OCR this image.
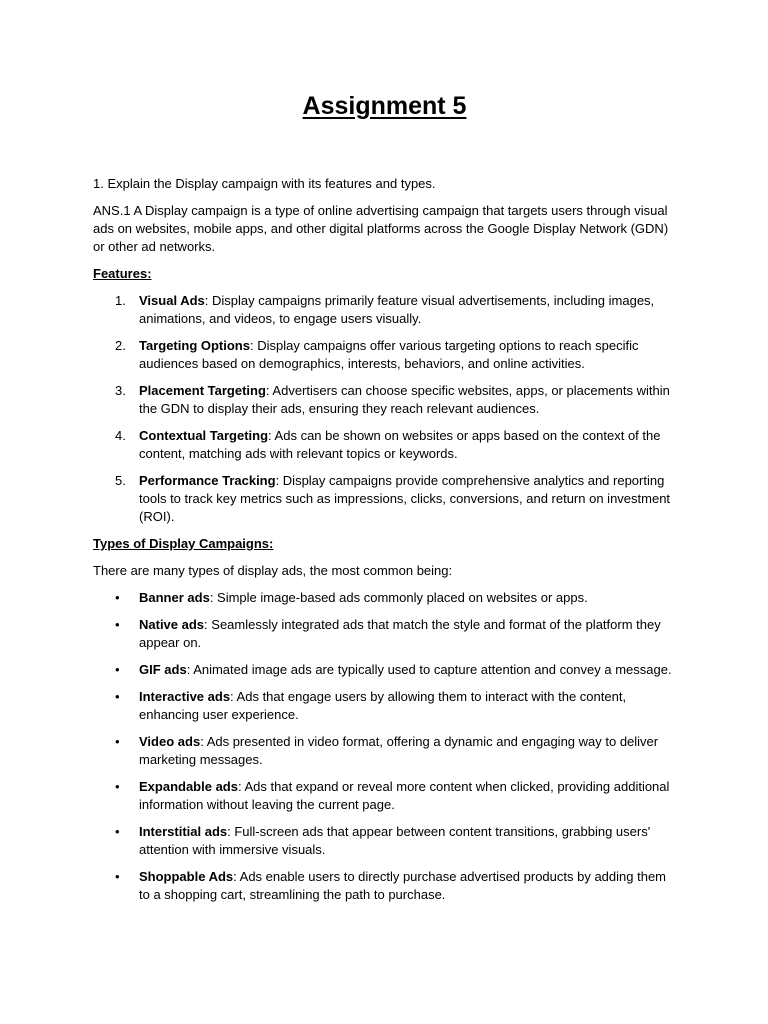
Assignment 5
1. Explain the Display campaign with its features and types.
ANS.1 A Display campaign is a type of online advertising campaign that targets users through visual ads on websites, mobile apps, and other digital platforms across the Google Display Network (GDN) or other ad networks.
Features:
1. Visual Ads: Display campaigns primarily feature visual advertisements, including images, animations, and videos, to engage users visually.
2. Targeting Options: Display campaigns offer various targeting options to reach specific audiences based on demographics, interests, behaviors, and online activities.
3. Placement Targeting: Advertisers can choose specific websites, apps, or placements within the GDN to display their ads, ensuring they reach relevant audiences.
4. Contextual Targeting: Ads can be shown on websites or apps based on the context of the content, matching ads with relevant topics or keywords.
5. Performance Tracking: Display campaigns provide comprehensive analytics and reporting tools to track key metrics such as impressions, clicks, conversions, and return on investment (ROI).
Types of Display Campaigns:
There are many types of display ads, the most common being:
• Banner ads: Simple image-based ads commonly placed on websites or apps.
• Native ads: Seamlessly integrated ads that match the style and format of the platform they appear on.
• GIF ads: Animated image ads are typically used to capture attention and convey a message.
• Interactive ads: Ads that engage users by allowing them to interact with the content, enhancing user experience.
• Video ads: Ads presented in video format, offering a dynamic and engaging way to deliver marketing messages.
• Expandable ads: Ads that expand or reveal more content when clicked, providing additional information without leaving the current page.
• Interstitial ads: Full-screen ads that appear between content transitions, grabbing users' attention with immersive visuals.
• Shoppable Ads: Ads enable users to directly purchase advertised products by adding them to a shopping cart, streamlining the path to purchase.
